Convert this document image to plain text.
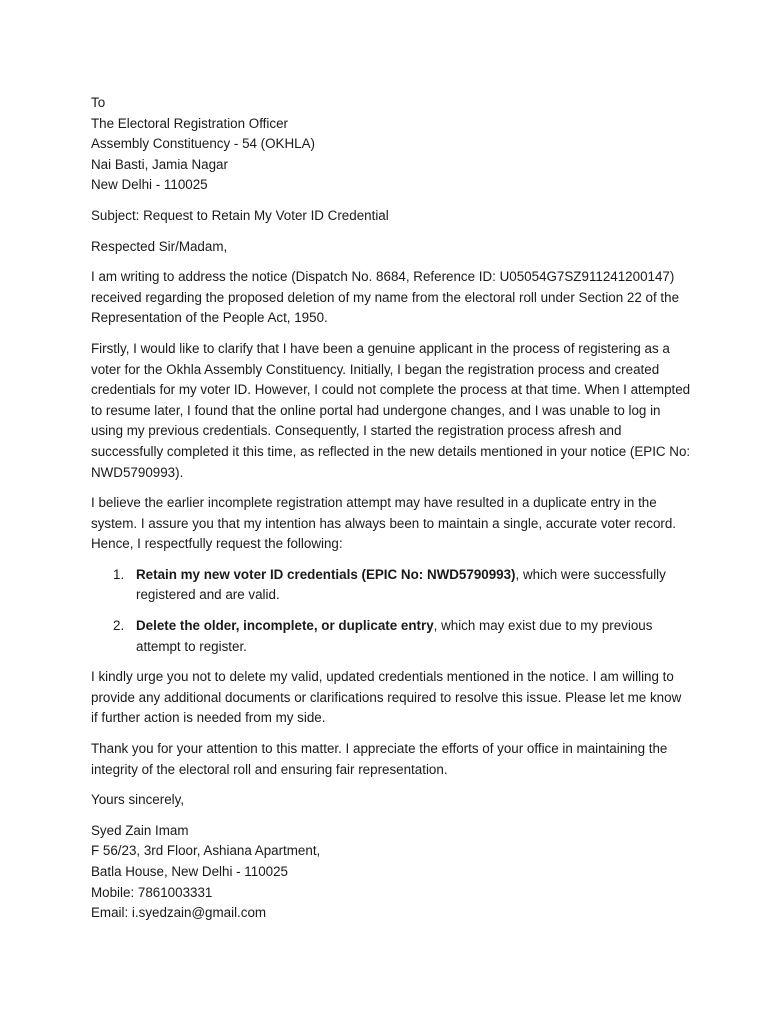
To
The Electoral Registration Officer
Assembly Constituency - 54 (OKHLA)
Nai Basti, Jamia Nagar
New Delhi - 110025

Subject: Request to Retain My Voter ID Credential

Respected Sir/Madam,

I am writing to address the notice (Dispatch No. 8684, Reference ID: U05054G7SZ911241200147) received regarding the proposed deletion of my name from the electoral roll under Section 22 of the Representation of the People Act, 1950.

Firstly, I would like to clarify that I have been a genuine applicant in the process of registering as a voter for the Okhla Assembly Constituency. Initially, I began the registration process and created credentials for my voter ID. However, I could not complete the process at that time. When I attempted to resume later, I found that the online portal had undergone changes, and I was unable to log in using my previous credentials. Consequently, I started the registration process afresh and successfully completed it this time, as reflected in the new details mentioned in your notice (EPIC No: NWD5790993).

I believe the earlier incomplete registration attempt may have resulted in a duplicate entry in the system. I assure you that my intention has always been to maintain a single, accurate voter record. Hence, I respectfully request the following:

1. Retain my new voter ID credentials (EPIC No: NWD5790993), which were successfully registered and are valid.
2. Delete the older, incomplete, or duplicate entry, which may exist due to my previous attempt to register.

I kindly urge you not to delete my valid, updated credentials mentioned in the notice. I am willing to provide any additional documents or clarifications required to resolve this issue. Please let me know if further action is needed from my side.

Thank you for your attention to this matter. I appreciate the efforts of your office in maintaining the integrity of the electoral roll and ensuring fair representation.

Yours sincerely,

Syed Zain Imam
F 56/23, 3rd Floor, Ashiana Apartment,
Batla House, New Delhi - 110025
Mobile: 7861003331
Email: i.syedzain@gmail.com
